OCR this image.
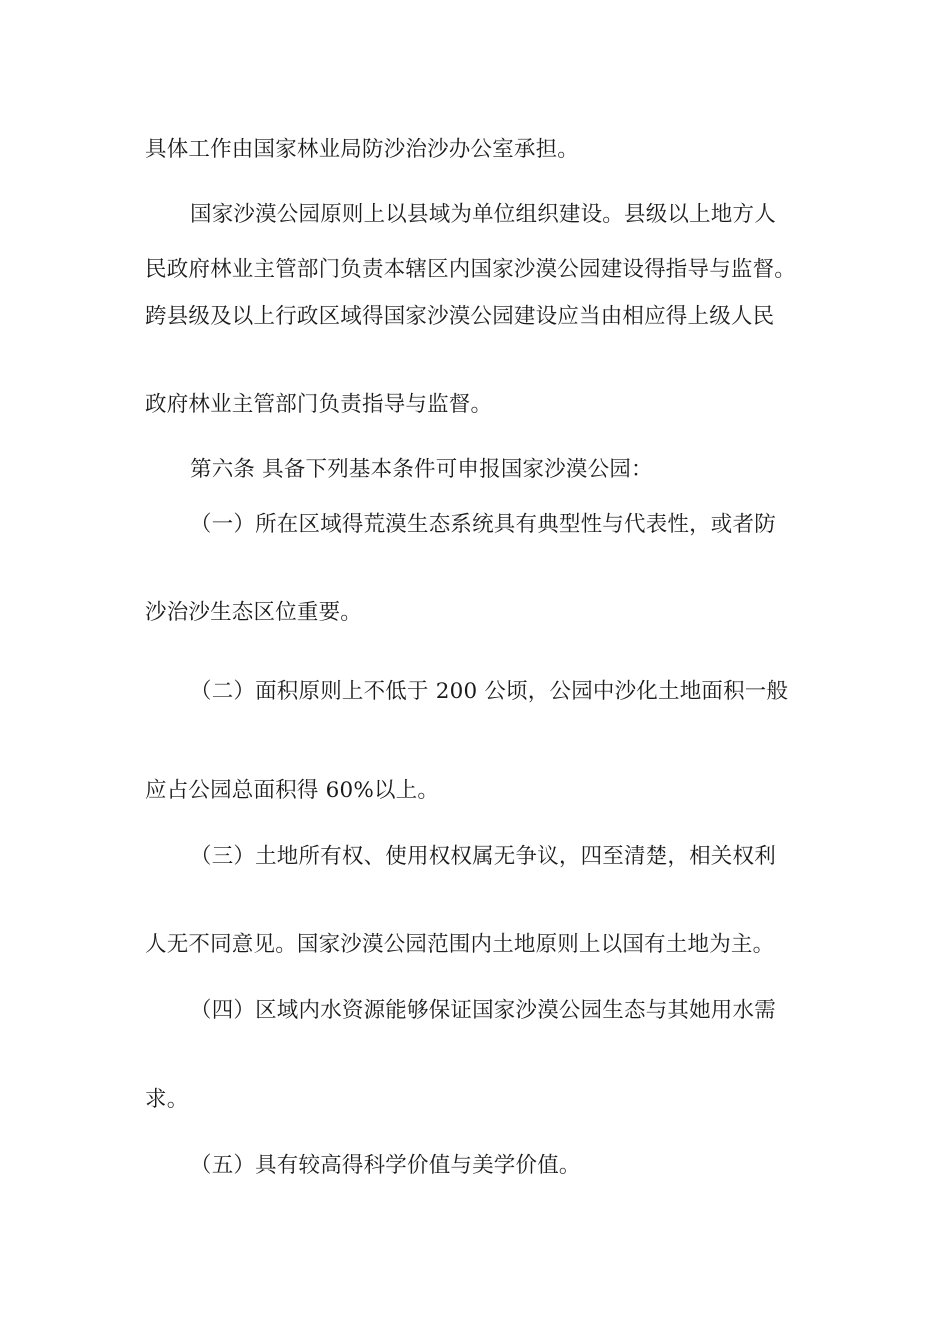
具体工作由国家林业局防沙治沙办公室承担。
国家沙漠公园原则上以县域为单位组织建设。县级以上地方人
民政府林业主管部门负责本辖区内国家沙漠公园建设得指导与监督。
跨县级及以上行政区域得国家沙漠公园建设应当由相应得上级人民
政府林业主管部门负责指导与监督。
第六条 具备下列基本条件可申报国家沙漠公园：
（一）所在区域得荒漠生态系统具有典型性与代表性，或者防
沙治沙生态区位重要。
（二）面积原则上不低于 200 公顷，公园中沙化土地面积一般
应占公园总面积得 60%以上。
（三）土地所有权、使用权权属无争议，四至清楚，相关权利
人无不同意见。国家沙漠公园范围内土地原则上以国有土地为主。
（四）区域内水资源能够保证国家沙漠公园生态与其她用水需
求。
（五）具有较高得科学价值与美学价值。
